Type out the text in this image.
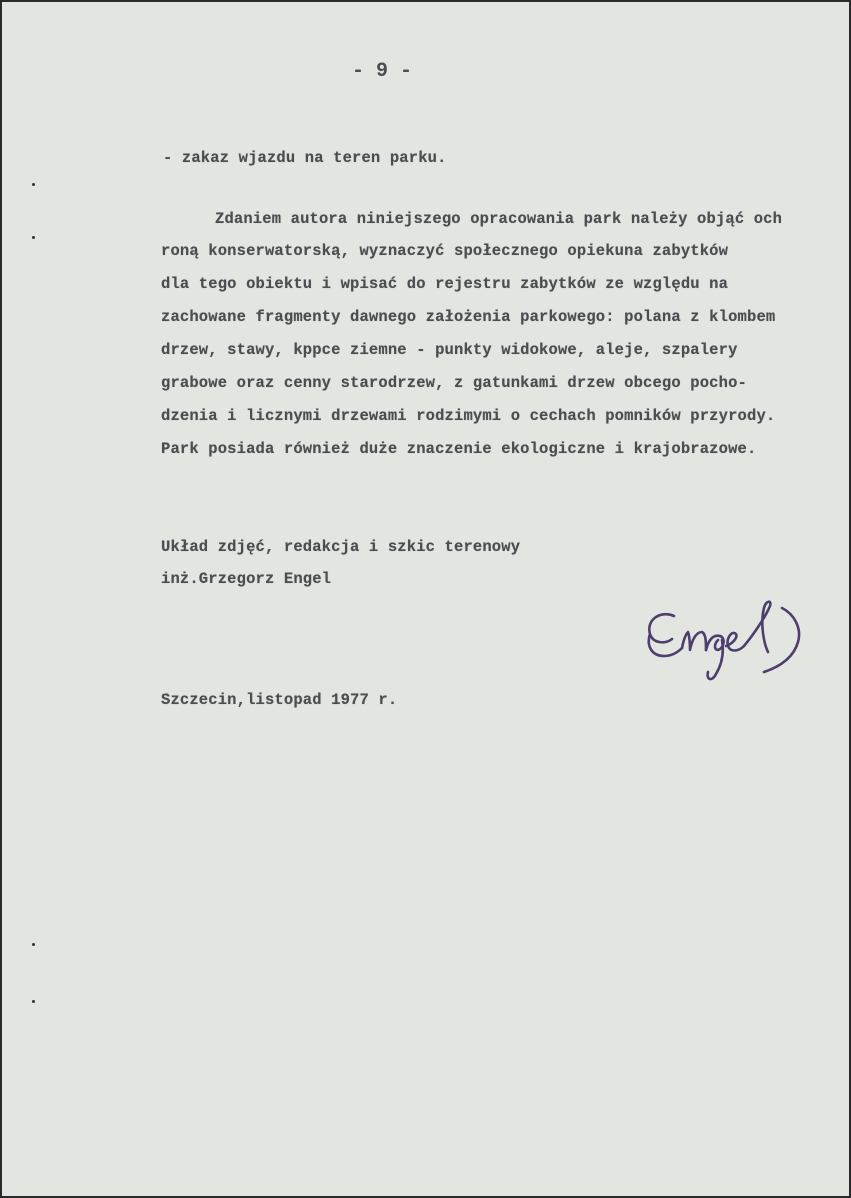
- 9 -
- zakaz wjazdu na teren parku.
Zdaniem autora niniejszego opracowania park należy objąć och
roną konserwatorską, wyznaczyć społecznego opiekuna zabytków
dla tego obiektu i wpisać do rejestru zabytków ze względu na
zachowane fragmenty dawnego założenia parkowego: polana z klombem
drzew, stawy, kppce ziemne - punkty widokowe, aleje, szpalery
grabowe oraz cenny starodrzew, z gatunkami drzew obcego pocho-
dzenia i licznymi drzewami rodzimymi o cechach pomników przyrody.
Park posiada również duże znaczenie ekologiczne i krajobrazowe.
Układ zdjęć, redakcja i szkic terenowy
inż.Grzegorz Engel
Szczecin,listopad 1977 r.
